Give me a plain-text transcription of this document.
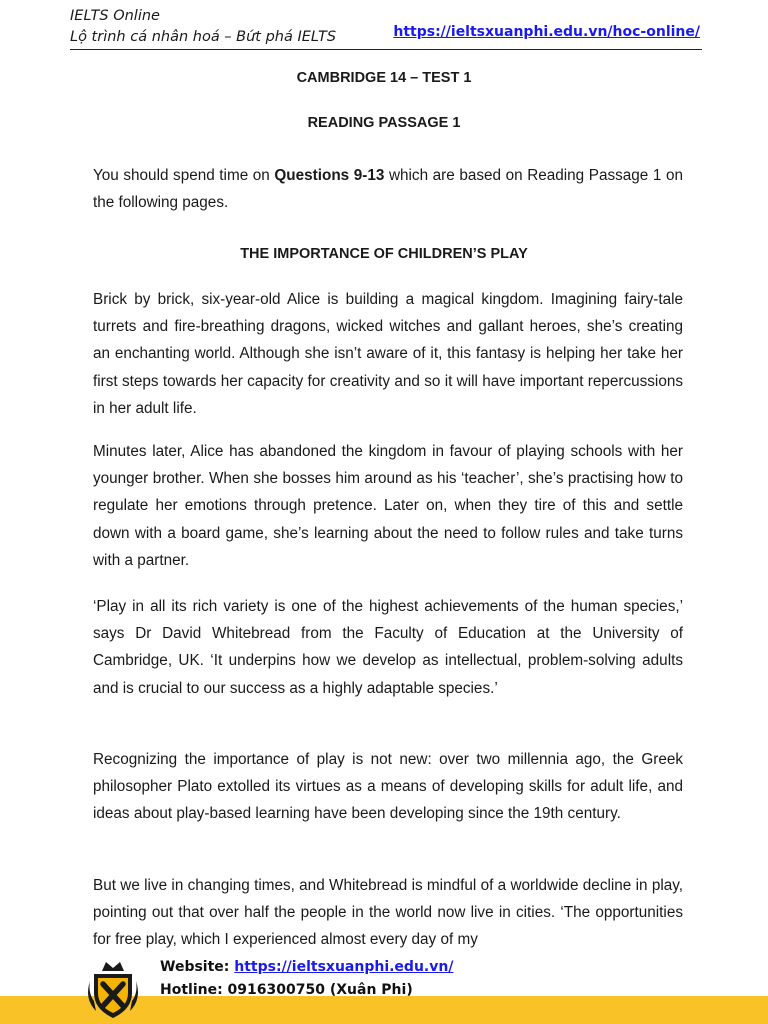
IELTS Online
Lộ trình cá nhân hoá – Bứt phá IELTS	https://ieltsxuanphi.edu.vn/hoc-online/
CAMBRIDGE 14 – TEST 1
READING PASSAGE 1
You should spend time on Questions 9-13 which are based on Reading Passage 1 on the following pages.
THE IMPORTANCE OF CHILDREN’S PLAY
Brick by brick, six-year-old Alice is building a magical kingdom. Imagining fairy-tale turrets and fire-breathing dragons, wicked witches and gallant heroes, she’s creating an enchanting world. Although she isn’t aware of it, this fantasy is helping her take her first steps towards her capacity for creativity and so it will have important repercussions in her adult life.
Minutes later, Alice has abandoned the kingdom in favour of playing schools with her younger brother. When she bosses him around as his ‘teacher’, she’s practising how to regulate her emotions through pretence. Later on, when they tire of this and settle down with a board game, she’s learning about the need to follow rules and take turns with a partner.
‘Play in all its rich variety is one of the highest achievements of the human species,’ says Dr David Whitebread from the Faculty of Education at the University of Cambridge, UK. ‘It underpins how we develop as intellectual, problem-solving adults and is crucial to our success as a highly adaptable species.’
Recognizing the importance of play is not new: over two millennia ago, the Greek philosopher Plato extolled its virtues as a means of developing skills for adult life, and ideas about play-based learning have been developing since the 19th century.
But we live in changing times, and Whitebread is mindful of a worldwide decline in play, pointing out that over half the people in the world now live in cities. ‘The opportunities for free play, which I experienced almost every day of my
Website: https://ieltsxuanphi.edu.vn/
Hotline: 0916300750 (Xuân Phi)
